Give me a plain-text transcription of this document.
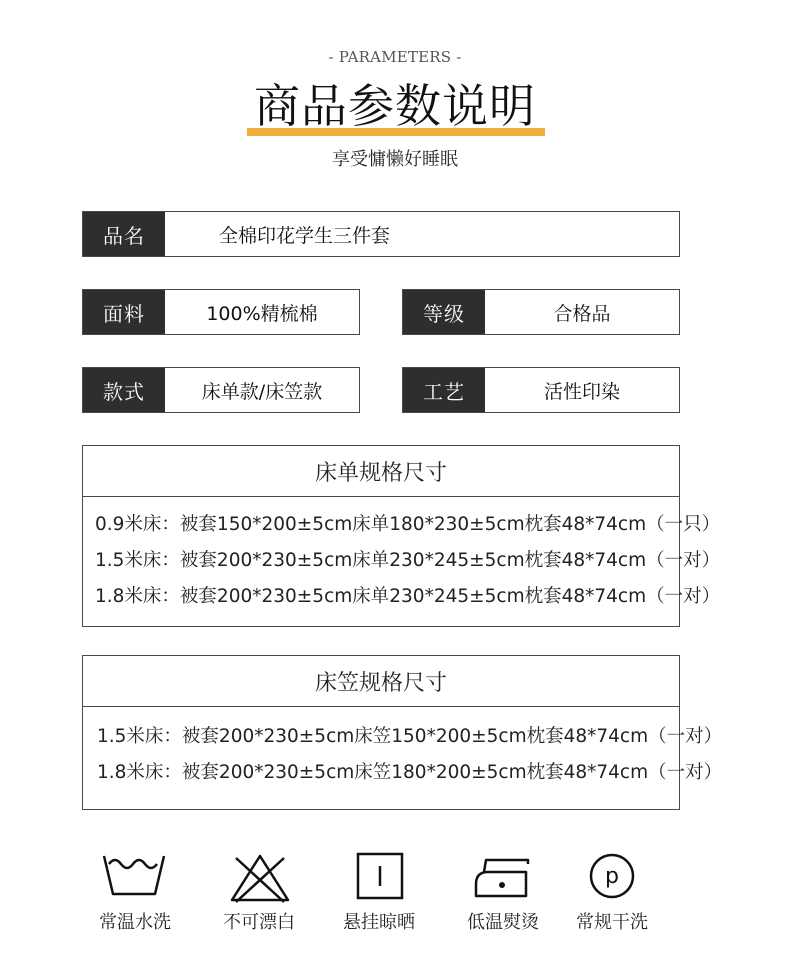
- PARAMETERS -
商品参数说明
享受慵懒好睡眠
品名	全棉印花学生三件套
面料	100%精梳棉	等级	合格品
款式	床单款/床笠款	工艺	活性印染
床单规格尺寸
0.9米床：被套150*200±5cm床单180*230±5cm枕套48*74cm（一只）
1.5米床：被套200*230±5cm床单230*245±5cm枕套48*74cm（一对）
1.8米床：被套200*230±5cm床单230*245±5cm枕套48*74cm（一对）
床笠规格尺寸
1.5米床：被套200*230±5cm床笠150*200±5cm枕套48*74cm（一对）
1.8米床：被套200*230±5cm床笠180*200±5cm枕套48*74cm（一对）
p
常温水洗	不可漂白	悬挂晾晒	低温熨烫	常规干洗
